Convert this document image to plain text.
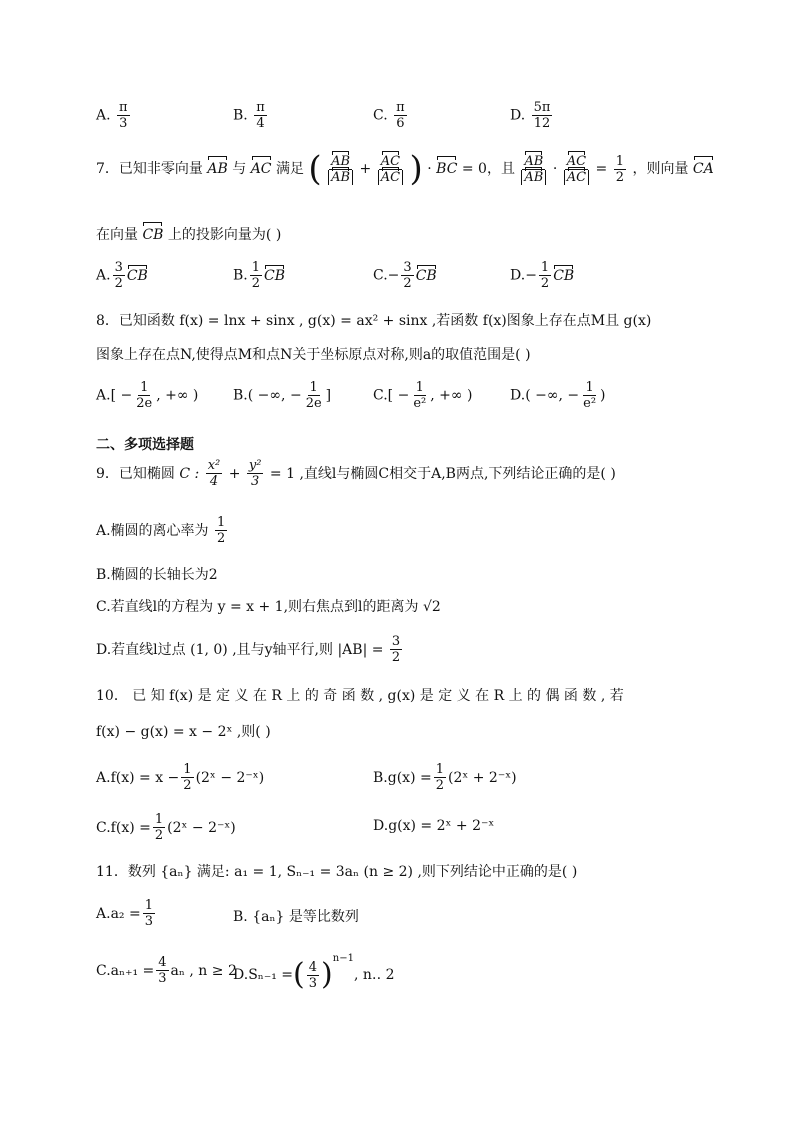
A. $\frac{\pi}{3}$	B. $\frac{\pi}{4}$	C. $\frac{\pi}{6}$	D. $\frac{5\pi}{12}$
7．已知非零向量 AB 与 AC 满足 ( $\frac{AB}{AB} + \frac{AC}{AC}$ ) · BC = 0，且 $\frac{AB}{AB} \cdot \frac{AC}{AC} = \frac{1}{2}$ ，则向量 CA
在向量 CB 上的投影向量为( )
A. $\frac{3}{2}$ CB	B. $\frac{1}{2}$ CB	$C.- \frac{3}{2}$ CB	$D.- \frac{1}{2}$ CB
8．已知函数 f(x) = lnx + sinx , g(x) = ax² + sinx ,若函数 f(x)图象上存在点M且 g(x)
图象上存在点N,使得点M和点N关于坐标原点对称,则a的取值范围是( )
$A.[ - \frac{1}{2e}$ , +∞ ) B.( −∞, − $\frac{1}{2e}$ ]	$C.[ - \frac{1}{\text{e²}}$ , +∞ )	D.( −∞, − $\frac{1}{\text{e²}}$ )
二、多项选择题
9．已知椭圆 C : $\frac{\text{x²}}{4} + \frac{\text{y²}}{3} = 1$ ,直线l与椭圆C相交于A,B两点,下列结论正确的是( )
A.椭圆的离心率为 $\frac{1}{2}$
B.椭圆的长轴长为2
C.若直线l的方程为 y = x + 1,则右焦点到l的距离为 √2
D.若直线l过点 (1, 0) ,且与y轴平行,则 $|AB| = \frac{3}{2}$
10． 已 知 f(x) 是 定 义 在 R 上 的 奇 函 数 , g(x) 是 定 义 在 R 上 的 偶 函 数 , 若
f(x) − g(x) = x − 2ˣ ,则( )
$A.f(x) = x - \frac{1}{2}$ (2ˣ − 2⁻ˣ)	$B.g(x) = \frac{1}{2}$ (2ˣ + 2⁻ˣ)
$C.f(x) = \frac{1}{2}$ (2ˣ − 2⁻ˣ)	D.g(x) = 2ˣ + 2⁻ˣ
11．数列 {aₙ} 满足: a₁ = 1, Sₙ₋₁ = 3aₙ (n ≥ 2) ,则下列结论中正确的是( )
$A.a_2 = \frac{1}{3}$	B. {aₙ} 是等比数列
$C.a_{n+1} = \frac{4}{3}$ aₙ , n ≥ 2
D.Sₙ₋₁ =( $\frac{4}{3} )^{n-1}$, n‥ 2
